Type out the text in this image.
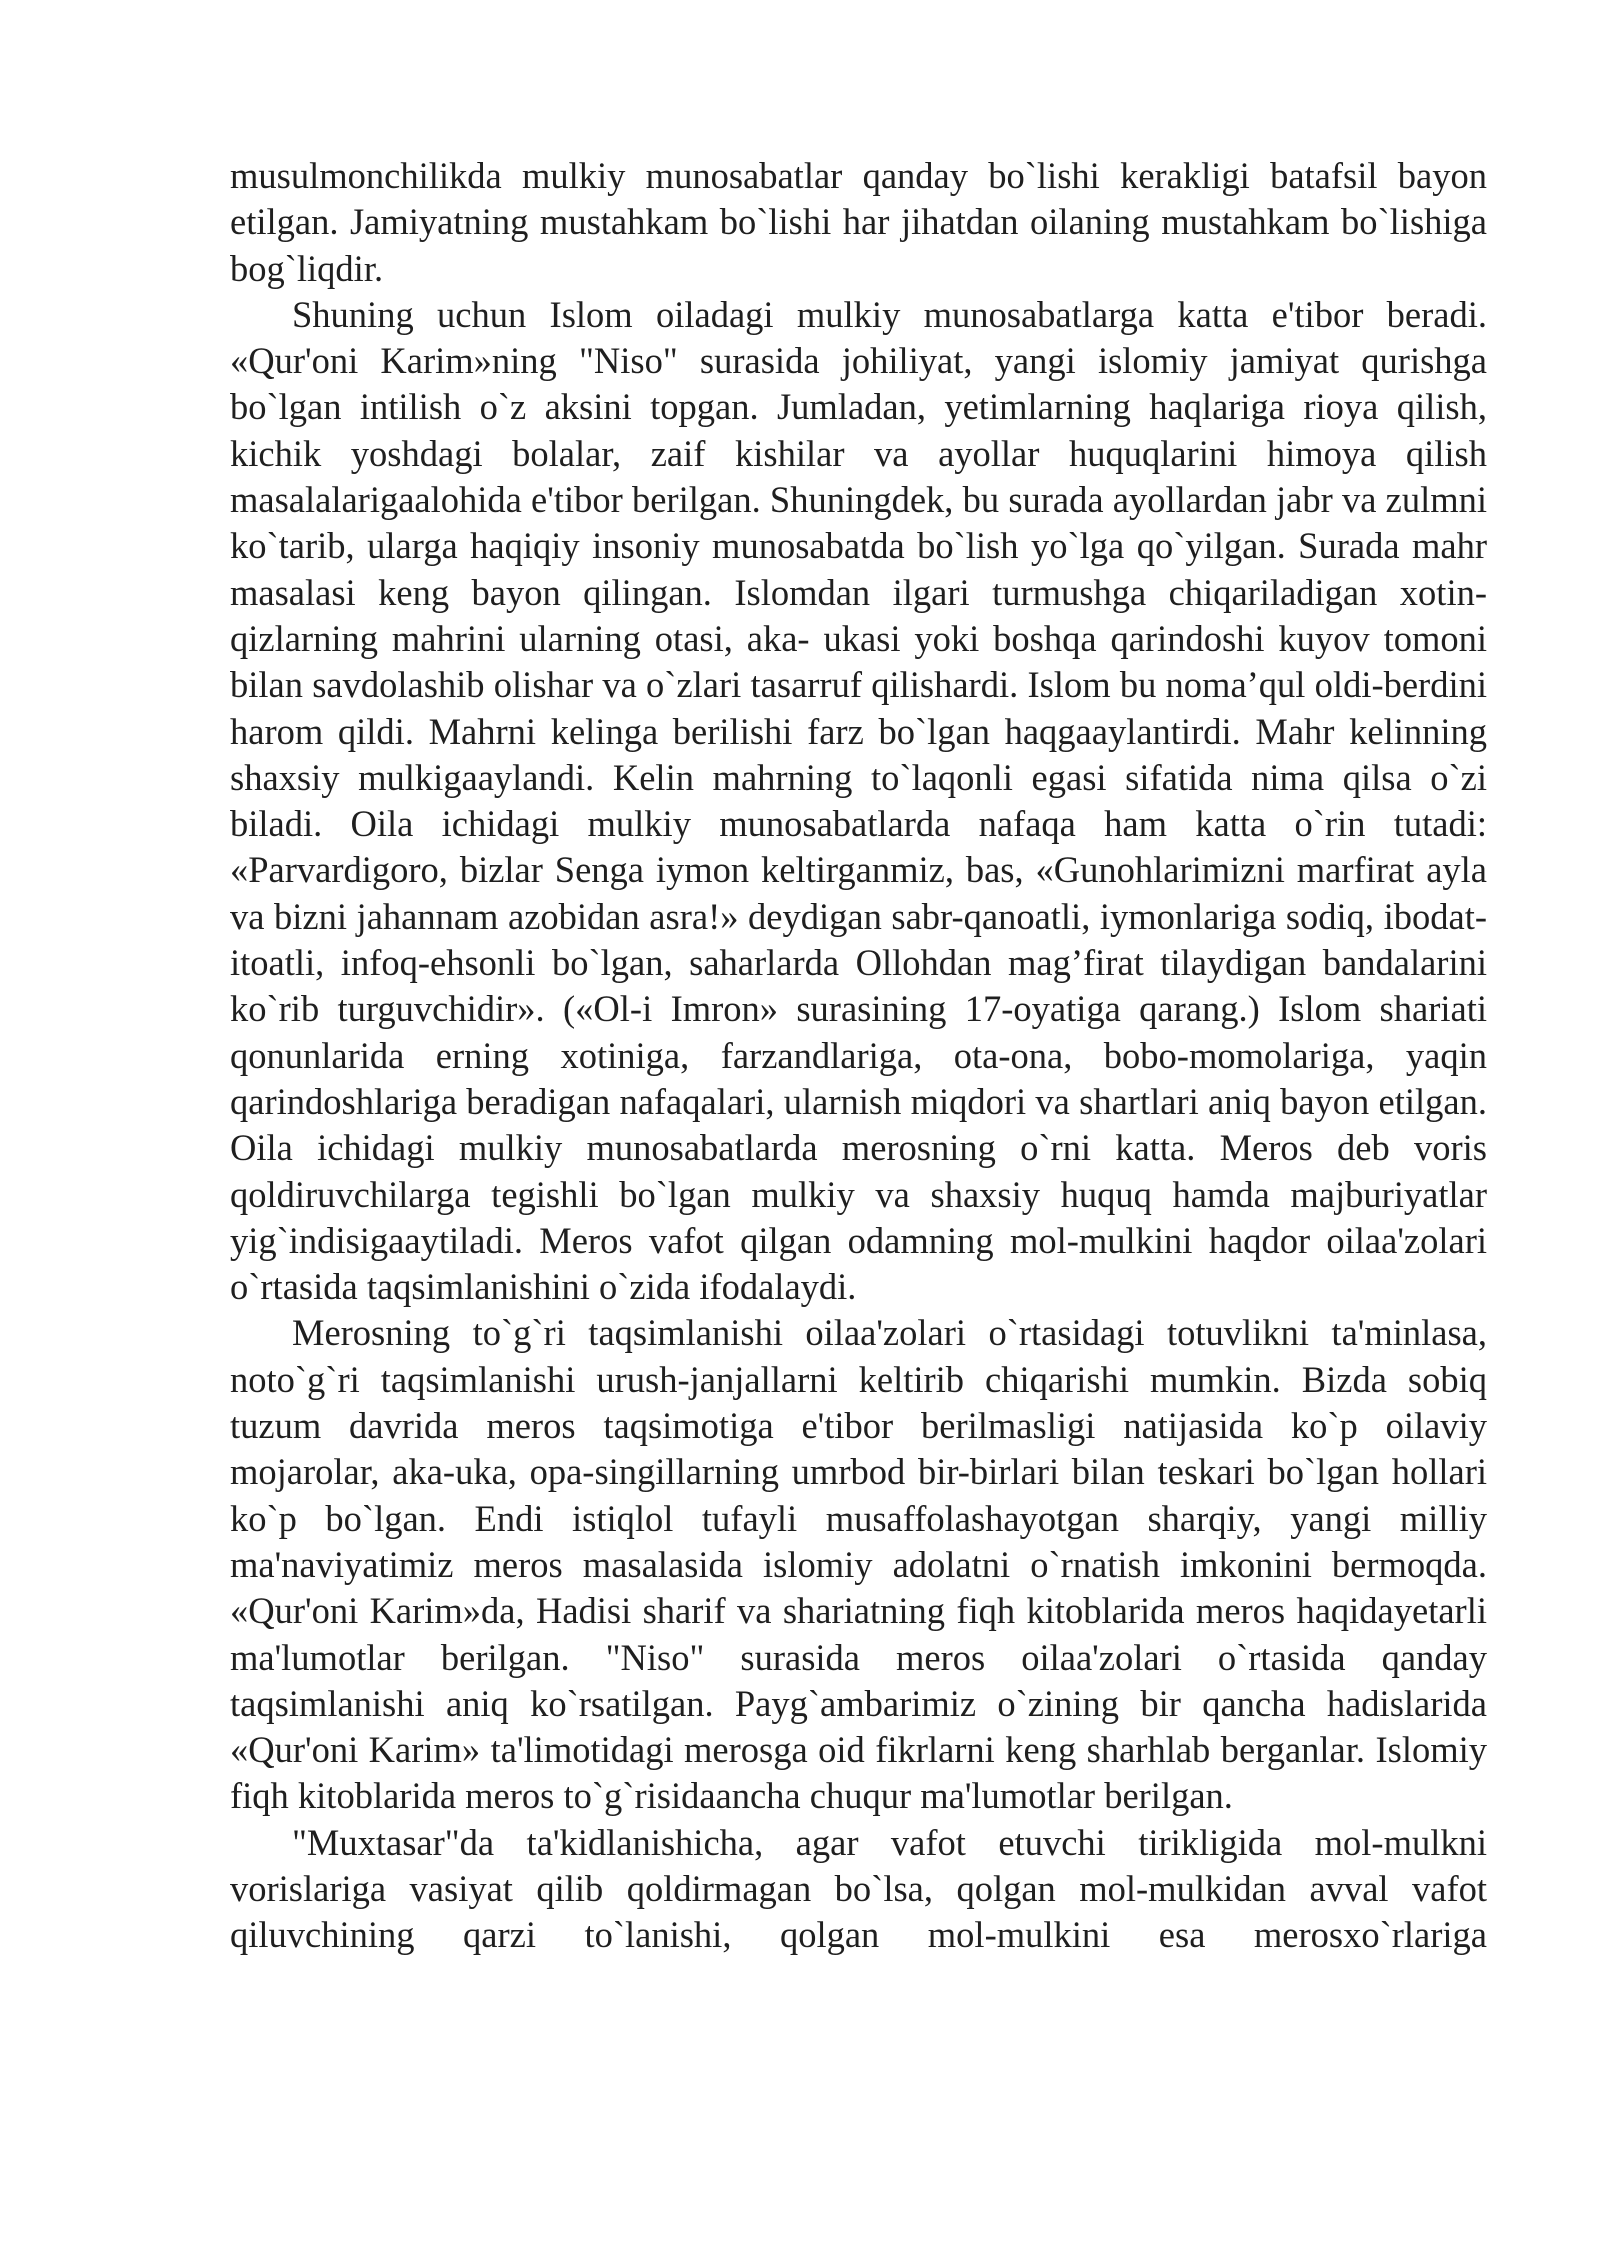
musulmonchilikda mulkiy munosabatlar qanday bo`lishi kerakligi batafsil bayon etilgan. Jamiyatning mustahkam bo`lishi har jihatdan oilaning mustahkam bo`lishiga bog`liqdir.

Shuning uchun Islom oiladagi mulkiy munosabatlarga katta e'tibor beradi. «Qur'oni Karim»ning "Niso" surasida johiliyat, yangi islomiy jamiyat qurishga bo`lgan intilish o`z aksini topgan. Jumladan, yetimlarning haqlariga rioya qilish, kichik yoshdagi bolalar, zaif kishilar va ayollar huquqlarini himoya qilish masalalarigaalohida e'tibor berilgan. Shuningdek, bu surada ayollardan jabr va zulmni ko`tarib, ularga haqiqiy insoniy munosabatda bo`lish yo`lga qo`yilgan. Surada mahr masalasi keng bayon qilingan. Islomdan ilgari turmushga chiqariladigan xotin-qizlarning mahrini ularning otasi, aka- ukasi yoki boshqa qarindoshi kuyov tomoni bilan savdolashib olishar va o`zlari tasarruf qilishardi. Islom bu noma’qul oldi-berdini harom qildi. Mahrni kelinga berilishi farz bo`lgan haqgaaylantirdi. Mahr kelinning shaxsiy mulkigaaylandi. Kelin mahrning to`laqonli egasi sifatida nima qilsa o`zi biladi. Oila ichidagi mulkiy munosabatlarda nafaqa ham katta o`rin tutadi: «Parvardigoro, bizlar Senga iymon keltirganmiz, bas, «Gunohlarimizni marfirat ayla va bizni jahannam azobidan asra!» deydigan sabr-qanoatli, iymonlariga sodiq, ibodat-itoatli, infoq-ehsonli bo`lgan, saharlarda Ollohdan mag’firat tilaydigan bandalarini ko`rib turguvchidir». («Ol-i Imron» surasining 17-oyatiga qarang.) Islom shariati qonunlarida erning xotiniga, farzandlariga, ota-ona, bobo-momolariga, yaqin qarindoshlariga beradigan nafaqalari, ularnish miqdori va shartlari aniq bayon etilgan. Oila ichidagi mulkiy munosabatlarda merosning o`rni katta. Meros deb voris qoldiruvchilarga tegishli bo`lgan mulkiy va shaxsiy huquq hamda majburiyatlar yig`indisigaaytiladi. Meros vafot qilgan odamning mol-mulkini haqdor oilaa'zolari o`rtasida taqsimlanishini o`zida ifodalaydi.

Merosning to`g`ri taqsimlanishi oilaa'zolari o`rtasidagi totuvlikni ta'minlasa, noto`g`ri taqsimlanishi urush-janjallarni keltirib chiqarishi mumkin. Bizda sobiq tuzum davrida meros taqsimotiga e'tibor berilmasligi natijasida ko`p oilaviy mojarolar, aka-uka, opa-singillarning umrbod bir-birlari bilan teskari bo`lgan hollari ko`p bo`lgan. Endi istiqlol tufayli musaffolashayotgan sharqiy, yangi milliy ma'naviyatimiz meros masalasida islomiy adolatni o`rnatish imkonini bermoqda. «Qur'oni Karim»da, Hadisi sharif va shariatning fiqh kitoblarida meros haqidayetarli ma'lumotlar berilgan. "Niso" surasida meros oilaa'zolari o`rtasida qanday taqsimlanishi aniq ko`rsatilgan. Payg`ambarimiz o`zining bir qancha hadislarida «Qur'oni Karim» ta'limotidagi merosga oid fikrlarni keng sharhlab berganlar. Islomiy fiqh kitoblarida meros to`g`risidaancha chuqur ma'lumotlar berilgan.

"Muxtasar"da ta'kidlanishicha, agar vafot etuvchi tirikligida mol-mulkni vorislariga vasiyat qilib qoldirmagan bo`lsa, qolgan mol-mulkidan avval vafot qiluvchining qarzi to`lanishi, qolgan mol-mulkini esa merosxo`rlariga
